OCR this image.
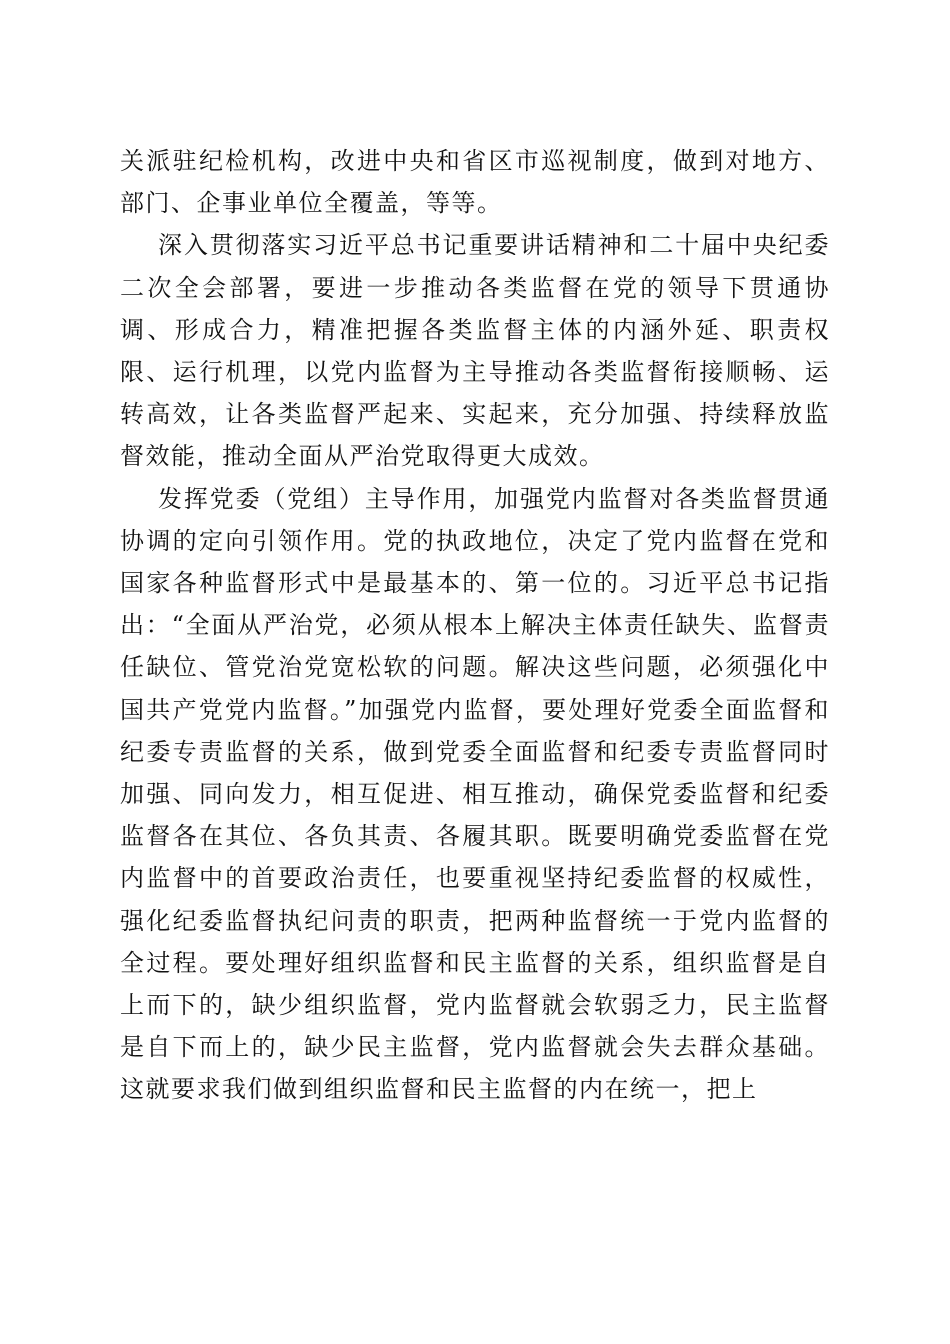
关派驻纪检机构，改进中央和省区市巡视制度，做到对地方、部门、企事业单位全覆盖，等等。

深入贯彻落实习近平总书记重要讲话精神和二十届中央纪委二次全会部署，要进一步推动各类监督在党的领导下贯通协调、形成合力，精准把握各类监督主体的内涵外延、职责权限、运行机理，以党内监督为主导推动各类监督衔接顺畅、运转高效，让各类监督严起来、实起来，充分加强、持续释放监督效能，推动全面从严治党取得更大成效。

发挥党委（党组）主导作用，加强党内监督对各类监督贯通协调的定向引领作用。党的执政地位，决定了党内监督在党和国家各种监督形式中是最基本的、第一位的。习近平总书记指出：“全面从严治党，必须从根本上解决主体责任缺失、监督责任缺位、管党治党宽松软的问题。解决这些问题，必须强化中国共产党党内监督。”加强党内监督，要处理好党委全面监督和纪委专责监督的关系，做到党委全面监督和纪委专责监督同时加强、同向发力，相互促进、相互推动，确保党委监督和纪委监督各在其位、各负其责、各履其职。既要明确党委监督在党内监督中的首要政治责任，也要重视坚持纪委监督的权威性，强化纪委监督执纪问责的职责，把两种监督统一于党内监督的全过程。要处理好组织监督和民主监督的关系，组织监督是自上而下的，缺少组织监督，党内监督就会软弱乏力，民主监督是自下而上的，缺少民主监督，党内监督就会失去群众基础。这就要求我们做到组织监督和民主监督的内在统一，把上
